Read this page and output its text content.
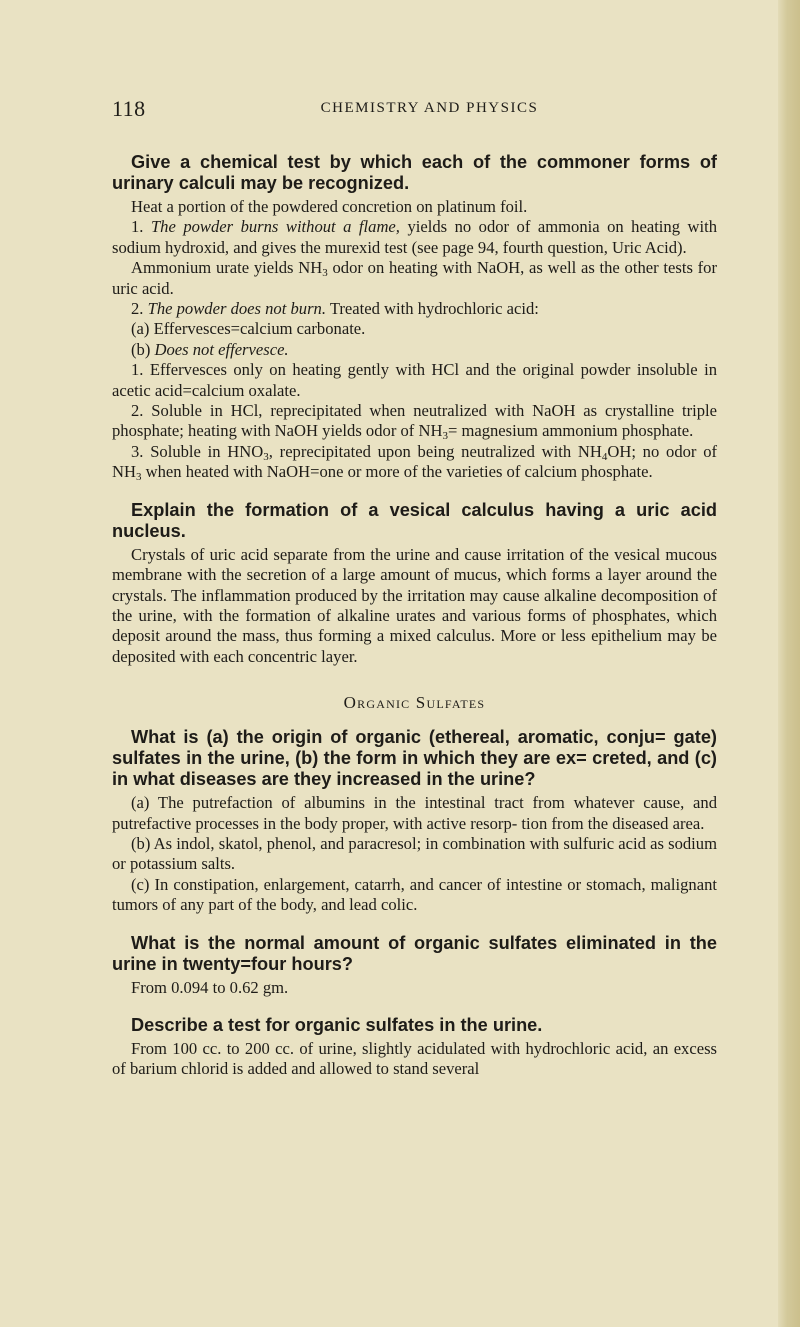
118	CHEMISTRY AND PHYSICS
Give a chemical test by which each of the commoner forms of urinary calculi may be recognized.
Heat a portion of the powdered concretion on platinum foil.
1. The powder burns without a flame, yields no odor of ammonia on heating with sodium hydroxid, and gives the murexid test (see page 94, fourth question, Uric Acid).
Ammonium urate yields $NH_3$ odor on heating with NaOH, as well as the other tests for uric acid.
2. The powder does not burn. Treated with hydrochloric acid:
(a) Effervesces=calcium carbonate.
(b) Does not effervesce.
1. Effervesces only on heating gently with HCl and the original powder insoluble in acetic acid=calcium oxalate.
2. Soluble in HCl, reprecipitated when neutralized with NaOH as crystalline triple phosphate; heating with NaOH yields odor of $NH_3=$ magnesium ammonium phosphate.
3. Soluble in $HNO_3$, reprecipitated upon being neutralized with $NH_4OH$; no odor of $NH_3$ when heated with NaOH=one or more of the varieties of calcium phosphate.
Explain the formation of a vesical calculus having a uric acid nucleus.
Crystals of uric acid separate from the urine and cause irritation of the vesical mucous membrane with the secretion of a large amount of mucus, which forms a layer around the crystals. The inflammation produced by the irritation may cause alkaline decomposition of the urine, with the formation of alkaline urates and various forms of phosphates, which deposit around the mass, thus forming a mixed calculus. More or less epithelium may be deposited with each concentric layer.
Organic Sulfates
What is (a) the origin of organic (ethereal, aromatic, conju= gate) sulfates in the urine, (b) the form in which they are ex= creted, and (c) in what diseases are they increased in the urine?
(a) The putrefaction of albumins in the intestinal tract from whatever cause, and putrefactive processes in the body proper, with active resorp- tion from the diseased area.
(b) As indol, skatol, phenol, and paracresol; in combination with sulfuric acid as sodium or potassium salts.
(c) In constipation, enlargement, catarrh, and cancer of intestine or stomach, malignant tumors of any part of the body, and lead colic.
What is the normal amount of organic sulfates eliminated in the urine in twenty=four hours?
From 0.094 to 0.62 gm.
Describe a test for organic sulfates in the urine.
From 100 cc. to 200 cc. of urine, slightly acidulated with hydrochloric acid, an excess of barium chlorid is added and allowed to stand several
